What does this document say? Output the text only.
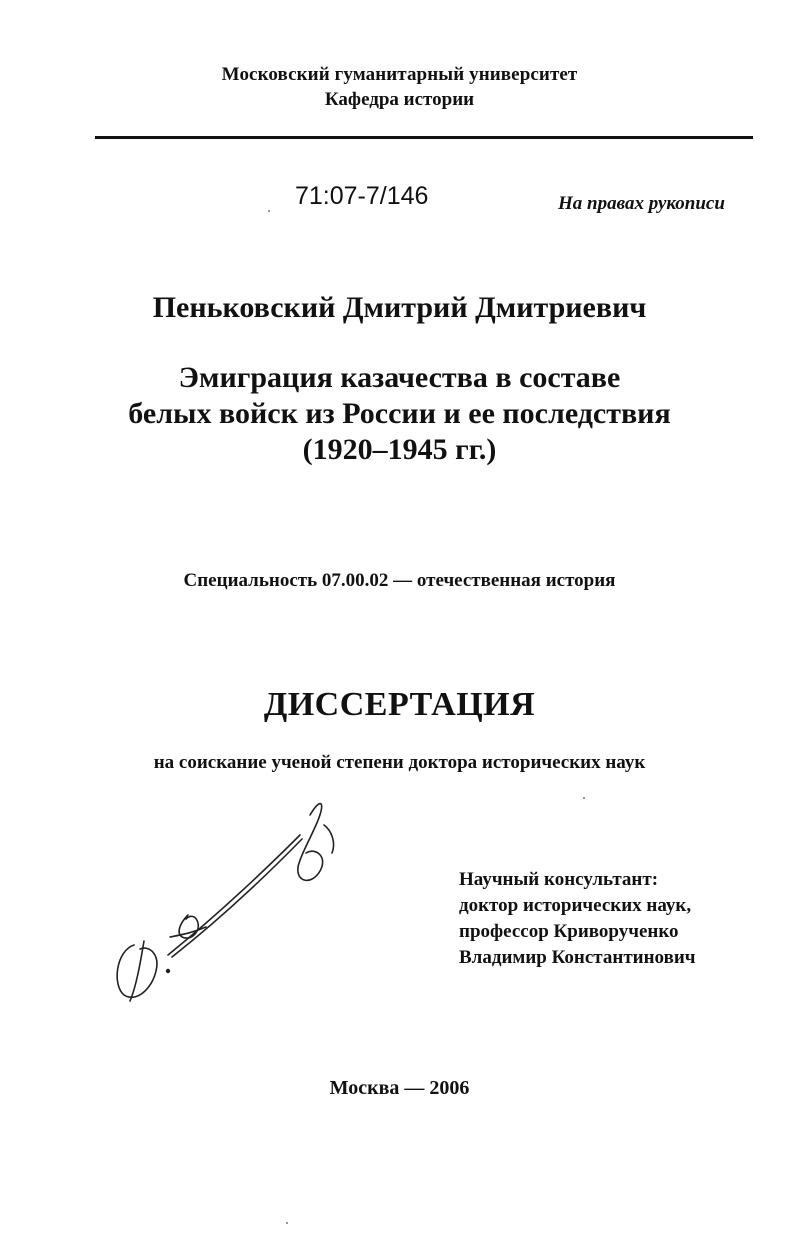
Московский гуманитарный университет
Кафедра истории
71:07-7/146	На правах рукописи
Пеньковский Дмитрий Дмитриевич
Эмиграция казачества в составе
белых войск из России и ее последствия
(1920–1945 гг.)
Специальность 07.00.02 — отечественная история
ДИССЕРТАЦИЯ
на соискание ученой степени доктора исторических наук
Научный консультант:
доктор исторических наук,
профессор Криворученко
Владимир Константинович
Москва — 2006
